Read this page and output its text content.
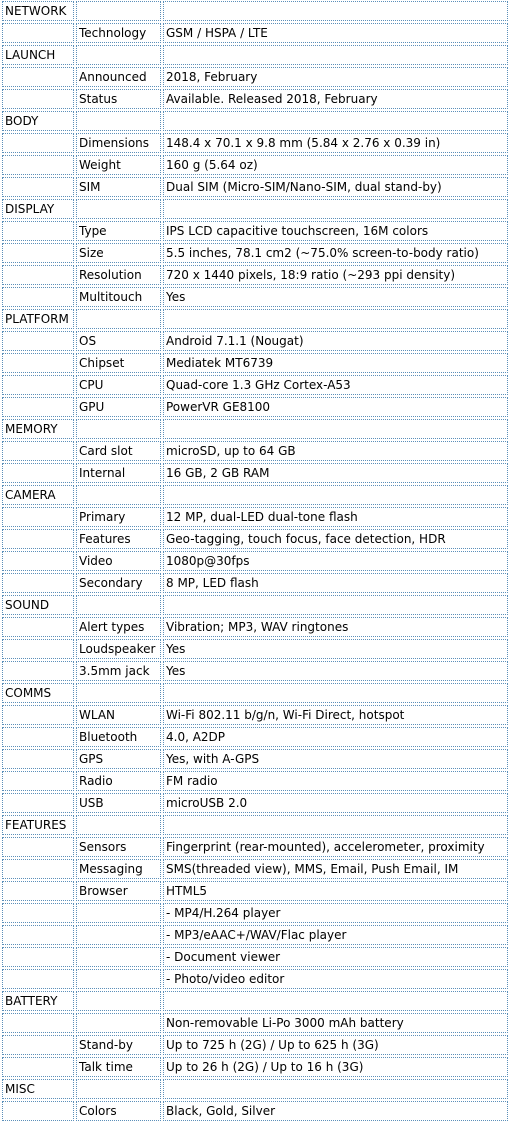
NETWORK		
	Technology	GSM / HSPA / LTE
LAUNCH		
	Announced	2018, February
	Status	Available. Released 2018, February
BODY		
	Dimensions	148.4 x 70.1 x 9.8 mm (5.84 x 2.76 x 0.39 in)
	Weight	160 g (5.64 oz)
	SIM	Dual SIM (Micro-SIM/Nano-SIM, dual stand-by)
DISPLAY		
	Type	IPS LCD capacitive touchscreen, 16M colors
	Size	5.5 inches, 78.1 cm2 (~75.0% screen-to-body ratio)
	Resolution	720 x 1440 pixels, 18:9 ratio (~293 ppi density)
	Multitouch	Yes
PLATFORM		
	OS	Android 7.1.1 (Nougat)
	Chipset	Mediatek MT6739
	CPU	Quad-core 1.3 GHz Cortex-A53
	GPU	PowerVR GE8100
MEMORY		
	Card slot	microSD, up to 64 GB
	Internal	16 GB, 2 GB RAM
CAMERA		
	Primary	12 MP, dual-LED dual-tone flash
	Features	Geo-tagging, touch focus, face detection, HDR
	Video	1080p@30fps
	Secondary	8 MP, LED flash
SOUND		
	Alert types	Vibration; MP3, WAV ringtones
	Loudspeaker	Yes
	3.5mm jack	Yes
COMMS		
	WLAN	Wi-Fi 802.11 b/g/n, Wi-Fi Direct, hotspot
	Bluetooth	4.0, A2DP
	GPS	Yes, with A-GPS
	Radio	FM radio
	USB	microUSB 2.0
FEATURES		
	Sensors	Fingerprint (rear-mounted), accelerometer, proximity
	Messaging	SMS(threaded view), MMS, Email, Push Email, IM
	Browser	HTML5
		- MP4/H.264 player
		- MP3/eAAC+/WAV/Flac player
		- Document viewer
		- Photo/video editor
BATTERY		
		Non-removable Li-Po 3000 mAh battery
	Stand-by	Up to 725 h (2G) / Up to 625 h (3G)
	Talk time	Up to 26 h (2G) / Up to 16 h (3G)
MISC		
	Colors	Black, Gold, Silver
